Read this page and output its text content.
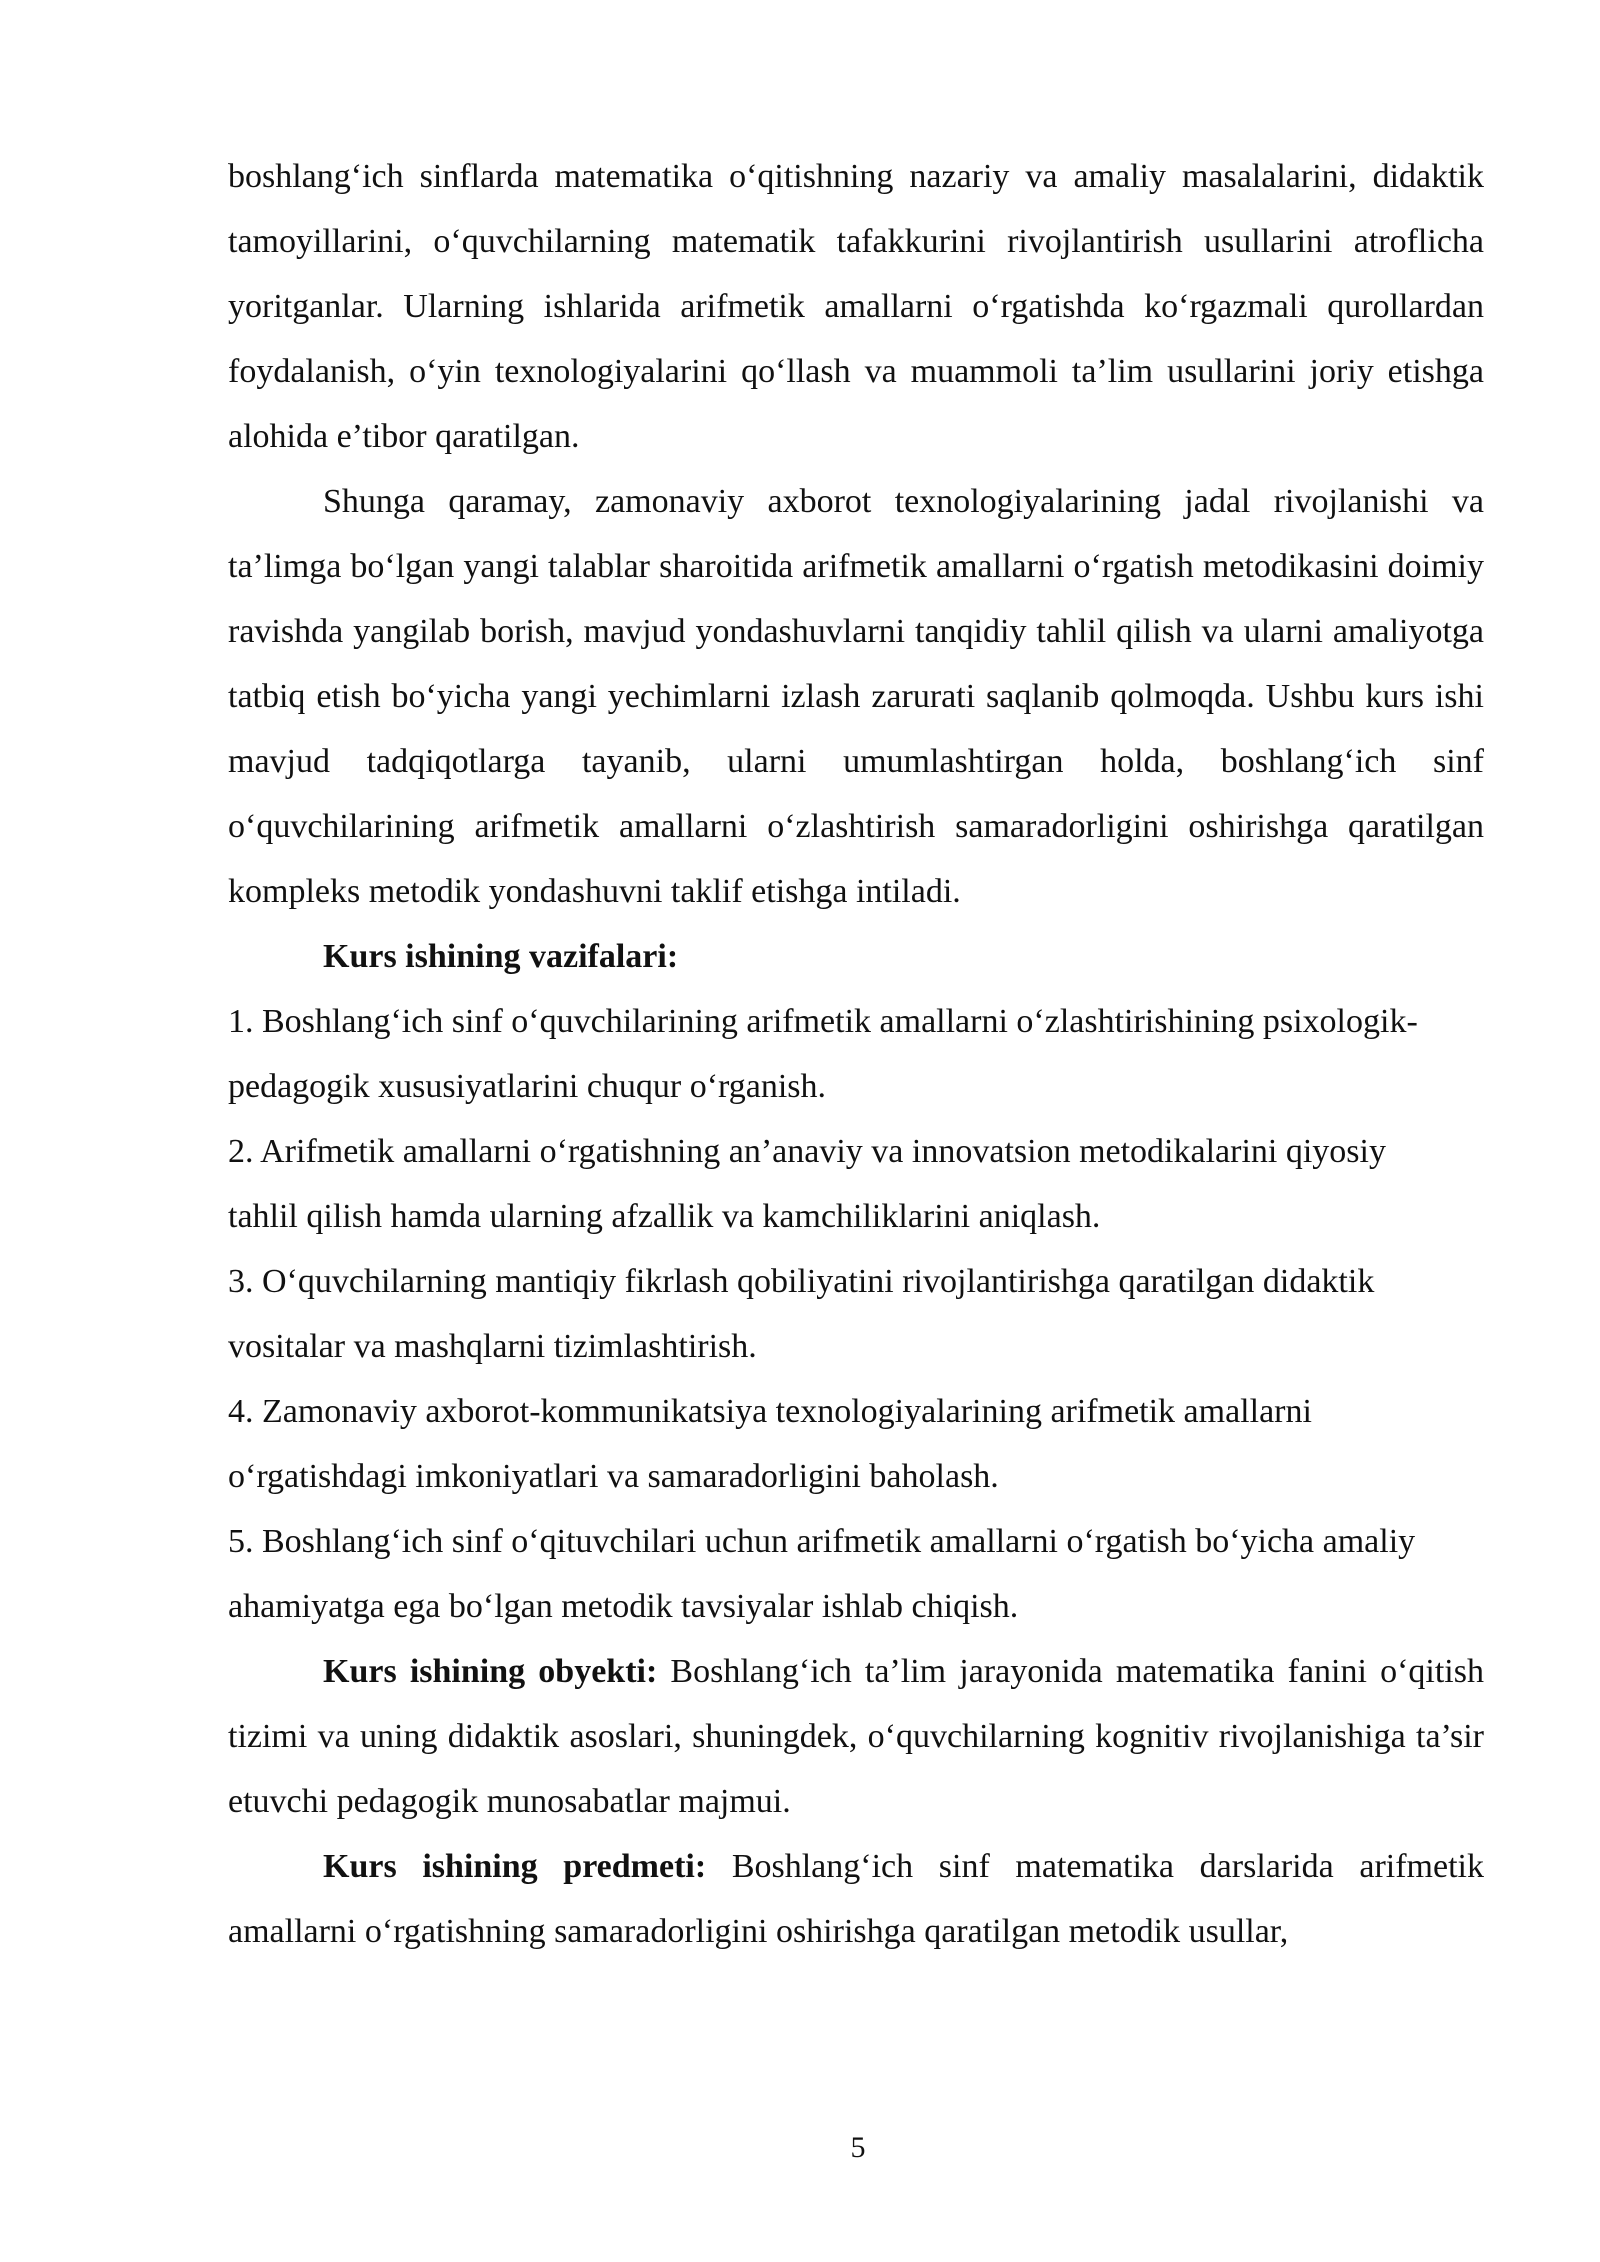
boshlang‘ich sinflarda matematika o‘qitishning nazariy va amaliy masalalarini, didaktik tamoyillarini, o‘quvchilarning matematik tafakkurini rivojlantirish usullarini atroflicha yoritganlar. Ularning ishlarida arifmetik amallarni o‘rgatishda ko‘rgazmali qurollardan foydalanish, o‘yin texnologiyalarini qo‘llash va muammoli ta’lim usullarini joriy etishga alohida e’tibor qaratilgan.

Shunga qaramay, zamonaviy axborot texnologiyalarining jadal rivojlanishi va ta’limga bo‘lgan yangi talablar sharoitida arifmetik amallarni o‘rgatish metodikasini doimiy ravishda yangilab borish, mavjud yondashuvlarni tanqidiy tahlil qilish va ularni amaliyotga tatbiq etish bo‘yicha yangi yechimlarni izlash zarurati saqlanib qolmoqda. Ushbu kurs ishi mavjud tadqiqotlarga tayanib, ularni umumlashtirgan holda, boshlang‘ich sinf o‘quvchilarining arifmetik amallarni o‘zlashtirish samaradorligini oshirishga qaratilgan kompleks metodik yondashuvni taklif etishga intiladi.

Kurs ishining vazifalari:

1. Boshlang‘ich sinf o‘quvchilarining arifmetik amallarni o‘zlashtirishining psixologik-pedagogik xususiyatlarini chuqur o‘rganish.

2. Arifmetik amallarni o‘rgatishning an’anaviy va innovatsion metodikalarini qiyosiy tahlil qilish hamda ularning afzallik va kamchiliklarini aniqlash.

3. O‘quvchilarning mantiqiy fikrlash qobiliyatini rivojlantirishga qaratilgan didaktik vositalar va mashqlarni tizimlashtirish.

4. Zamonaviy axborot-kommunikatsiya texnologiyalarining arifmetik amallarni o‘rgatishdagi imkoniyatlari va samaradorligini baholash.

5. Boshlang‘ich sinf o‘qituvchilari uchun arifmetik amallarni o‘rgatish bo‘yicha amaliy ahamiyatga ega bo‘lgan metodik tavsiyalar ishlab chiqish.

Kurs ishining obyekti: Boshlang‘ich ta’lim jarayonida matematika fanini o‘qitish tizimi va uning didaktik asoslari, shuningdek, o‘quvchilarning kognitiv rivojlanishiga ta’sir etuvchi pedagogik munosabatlar majmui.

Kurs ishining predmeti: Boshlang‘ich sinf matematika darslarida arifmetik amallarni o‘rgatishning samaradorligini oshirishga qaratilgan metodik usullar,

5
